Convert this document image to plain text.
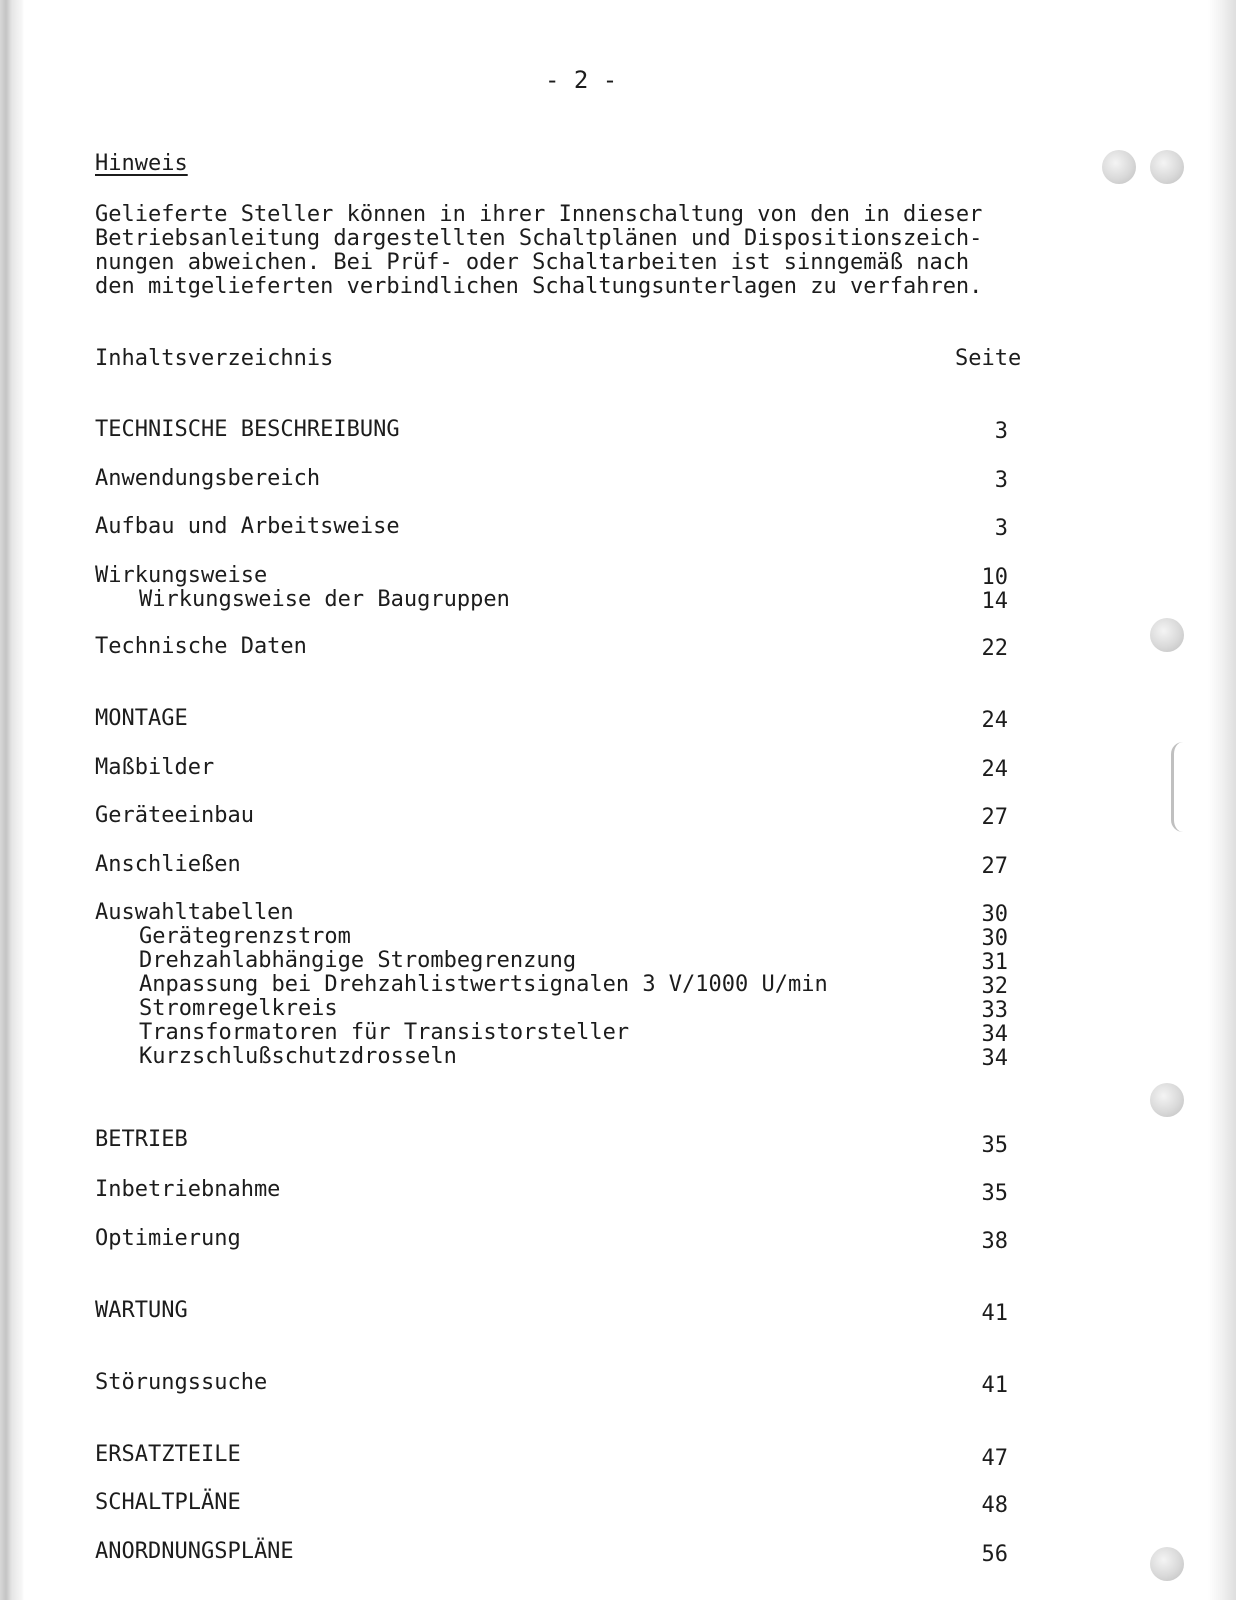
- 2 -
Hinweis
Gelieferte Steller können in ihrer Innenschaltung von den in dieser
Betriebsanleitung dargestellten Schaltplänen und Dispositionszeich-
nungen abweichen. Bei Prüf- oder Schaltarbeiten ist sinngemäß nach
den mitgelieferten verbindlichen Schaltungsunterlagen zu verfahren.
Inhaltsverzeichnis	Seite
TECHNISCHE BESCHREIBUNG	3
Anwendungsbereich	3
Aufbau und Arbeitsweise	3
Wirkungsweise	10
Wirkungsweise der Baugruppen	14
Technische Daten	22
MONTAGE	24
Maßbilder	24
Geräteeinbau	27
Anschließen	27
Auswahltabellen	30
Gerätegrenzstrom	30
Drehzahlabhängige Strombegrenzung	31
Anpassung bei Drehzahlistwertsignalen 3 V/1000 U/min	32
Stromregelkreis	33
Transformatoren für Transistorsteller	34
Kurzschlußschutzdrosseln	34
BETRIEB	35
Inbetriebnahme	35
Optimierung	38
WARTUNG	41
Störungssuche	41
ERSATZTEILE	47
SCHALTPLÄNE	48
ANORDNUNGSPLÄNE	56
